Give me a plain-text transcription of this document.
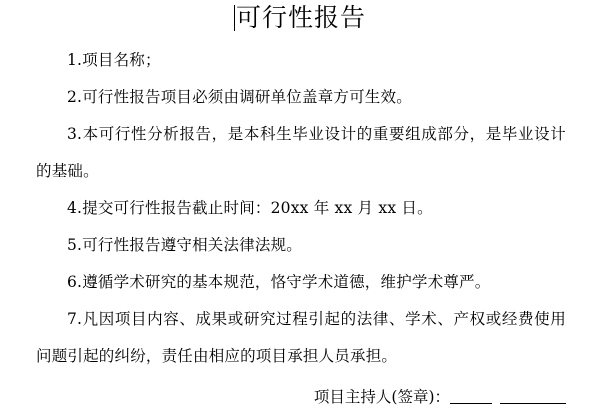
可行性报告

1.项目名称；

2.可行性报告项目必须由调研单位盖章方可生效。

3.本可行性分析报告，是本科生毕业设计的重要组成部分，是毕业设计的基础。

4.提交可行性报告截止时间：20xx 年 xx 月 xx 日。

5.可行性报告遵守相关法律法规。

6.遵循学术研究的基本规范，恪守学术道德，维护学术尊严。

7.凡因项目内容、成果或研究过程引起的法律、学术、产权或经费使用问题引起的纠纷，责任由相应的项目承担人员承担。

项目主持人(签章)：
